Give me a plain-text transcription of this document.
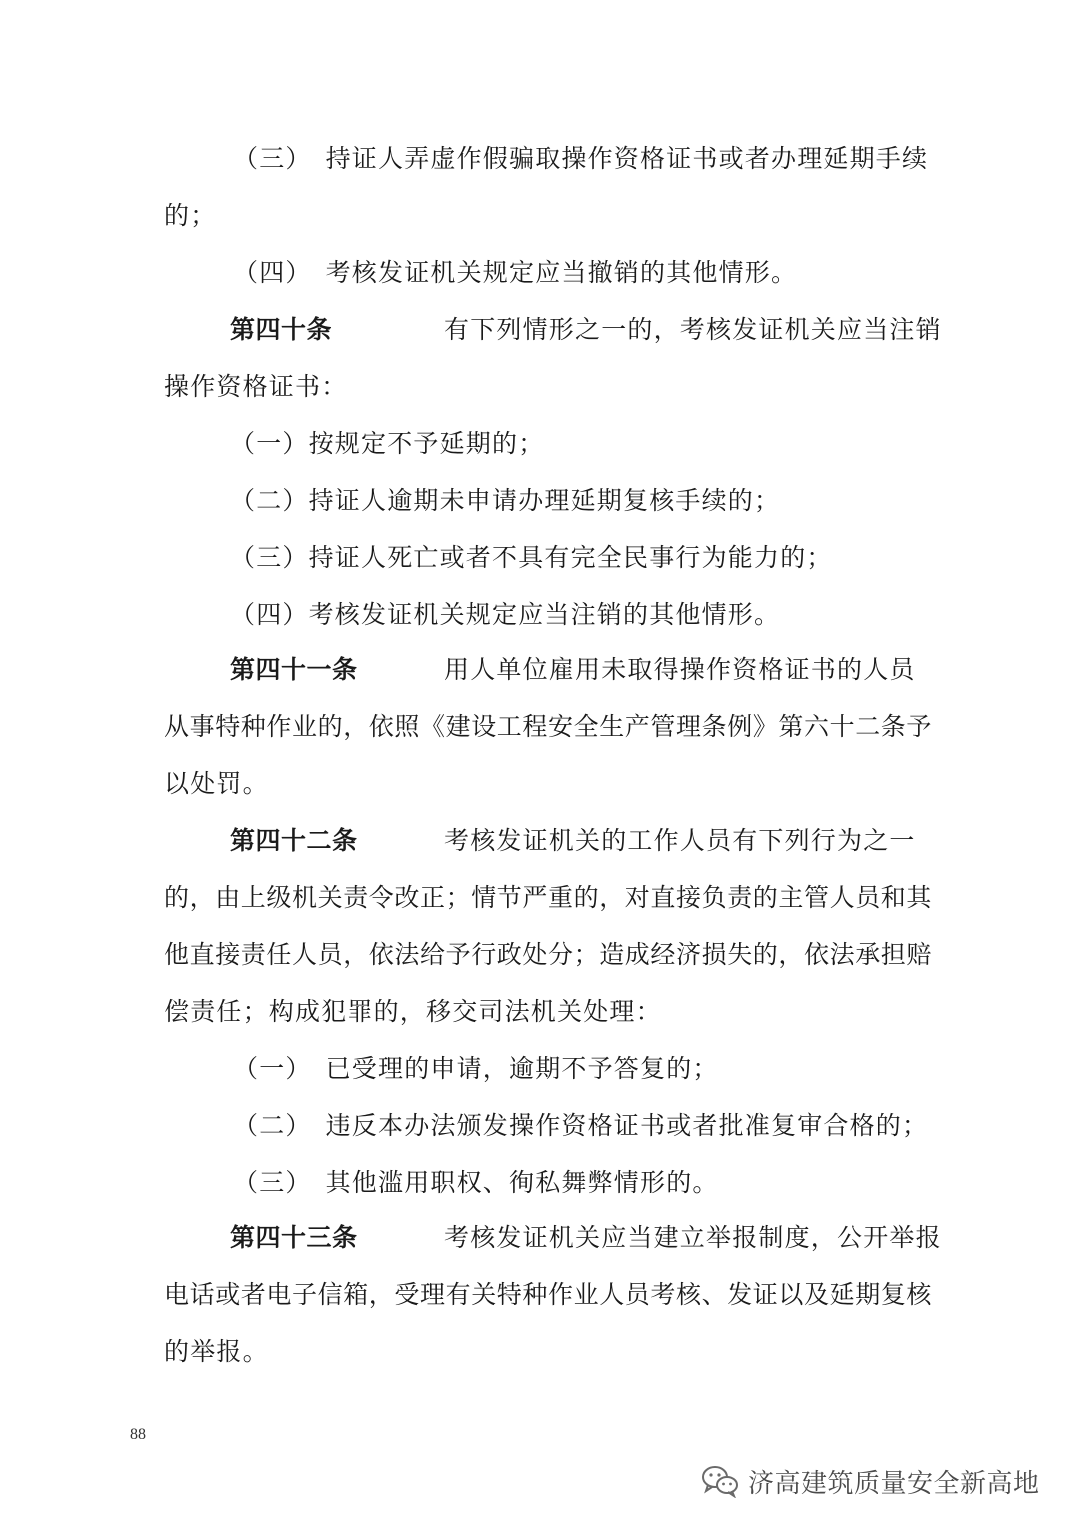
（三） 持证人弄虚作假骗取操作资格证书或者办理延期手续
的；
（四） 考核发证机关规定应当撤销的其他情形。
第四十条	有下列情形之一的，考核发证机关应当注销
操作资格证书：
（一）按规定不予延期的；
（二）持证人逾期未申请办理延期复核手续的；
（三）持证人死亡或者不具有完全民事行为能力的；
（四）考核发证机关规定应当注销的其他情形。
第四十一条	用人单位雇用未取得操作资格证书的人员
从事特种作业的，依照《建设工程安全生产管理条例》第六十二条予
以处罚。
第四十二条	考核发证机关的工作人员有下列行为之一
的，由上级机关责令改正；情节严重的，对直接负责的主管人员和其
他直接责任人员，依法给予行政处分；造成经济损失的，依法承担赔
偿责任；构成犯罪的，移交司法机关处理：
（一） 已受理的申请，逾期不予答复的；
（二） 违反本办法颁发操作资格证书或者批准复审合格的；
（三） 其他滥用职权、徇私舞弊情形的。
第四十三条	考核发证机关应当建立举报制度，公开举报
电话或者电子信箱，受理有关特种作业人员考核、发证以及延期复核
的举报。
88
济高建筑质量安全新高地
